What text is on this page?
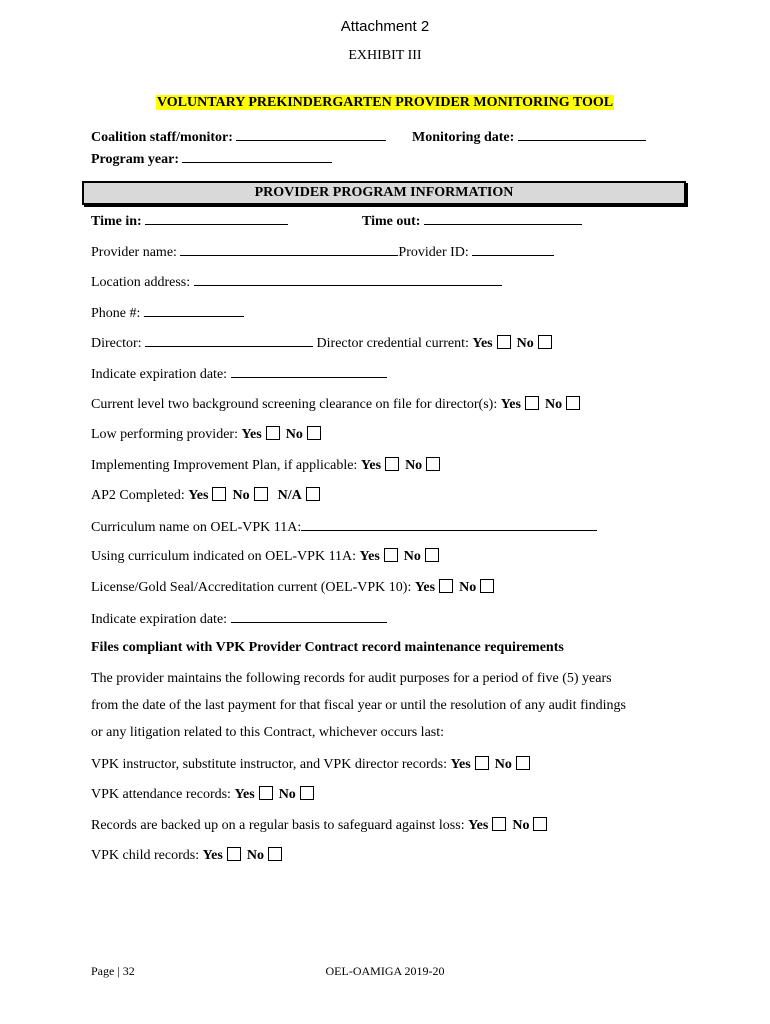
Attachment 2
EXHIBIT III
VOLUNTARY PREKINDERGARTEN PROVIDER MONITORING TOOL
Coalition staff/monitor:	Monitoring date:
Program year:
PROVIDER PROGRAM INFORMATION
Time in:	Time out:
Provider name:	Provider ID:
Location address:
Phone #:
Director:	Director credential current: Yes No
Indicate expiration date:
Current level two background screening clearance on file for director(s): Yes No
Low performing provider: Yes No
Implementing Improvement Plan, if applicable: Yes No
AP2 Completed: Yes No N/A
Curriculum name on OEL-VPK 11A:
Using curriculum indicated on OEL-VPK 11A: Yes No
License/Gold Seal/Accreditation current (OEL-VPK 10): Yes No
Indicate expiration date:
Files compliant with VPK Provider Contract record maintenance requirements
The provider maintains the following records for audit purposes for a period of five (5) years
from the date of the last payment for that fiscal year or until the resolution of any audit findings
or any litigation related to this Contract, whichever occurs last:
VPK instructor, substitute instructor, and VPK director records: Yes No
VPK attendance records: Yes No
Records are backed up on a regular basis to safeguard against loss: Yes No
VPK child records: Yes No
Page | 32	OEL-OAMIGA 2019-20
